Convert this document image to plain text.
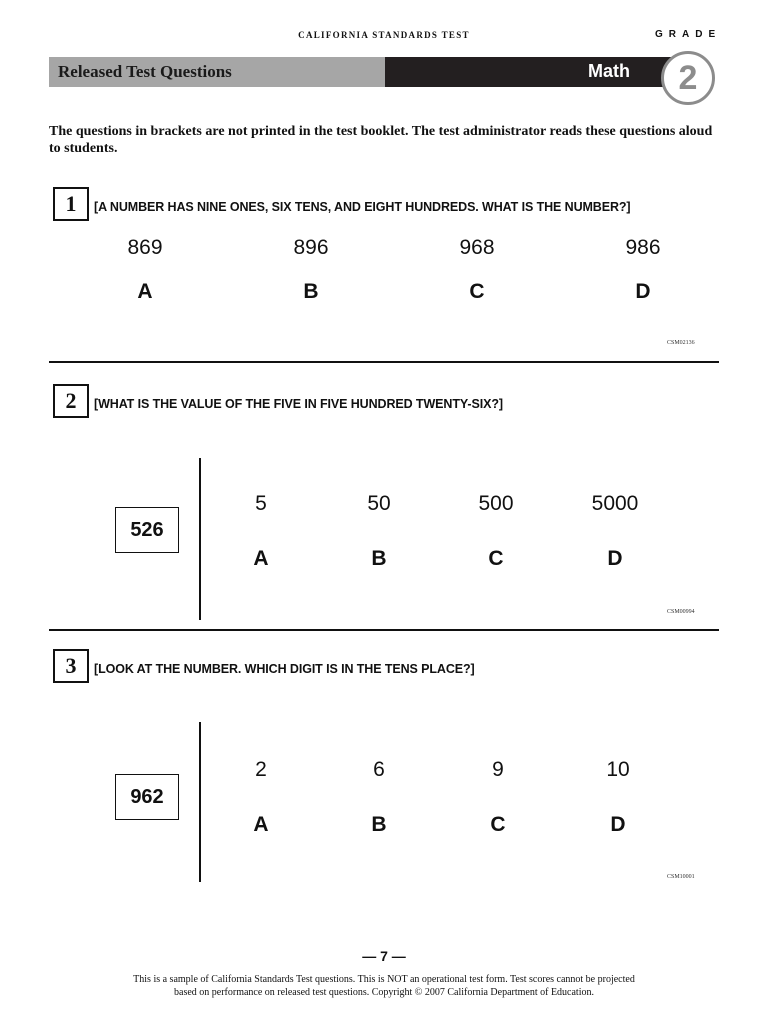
CALIFORNIA STANDARDS TEST	GRADE
Released Test Questions	Math	2
The questions in brackets are not printed in the test booklet. The test administrator reads these questions aloud to students.
1	[A NUMBER HAS NINE ONES, SIX TENS, AND EIGHT HUNDREDS. WHAT IS THE NUMBER?]
869	896	968	986
A	B	C	D
CSM02136
2	[WHAT IS THE VALUE OF THE FIVE IN FIVE HUNDRED TWENTY-SIX?]
526
5	50	500	5000
A	B	C	D
CSM00994
3	[LOOK AT THE NUMBER. WHICH DIGIT IS IN THE TENS PLACE?]
962
2	6	9	10
A	B	C	D
CSM10001
— 7 —
This is a sample of California Standards Test questions. This is NOT an operational test form. Test scores cannot be projected
based on performance on released test questions. Copyright © 2007 California Department of Education.
